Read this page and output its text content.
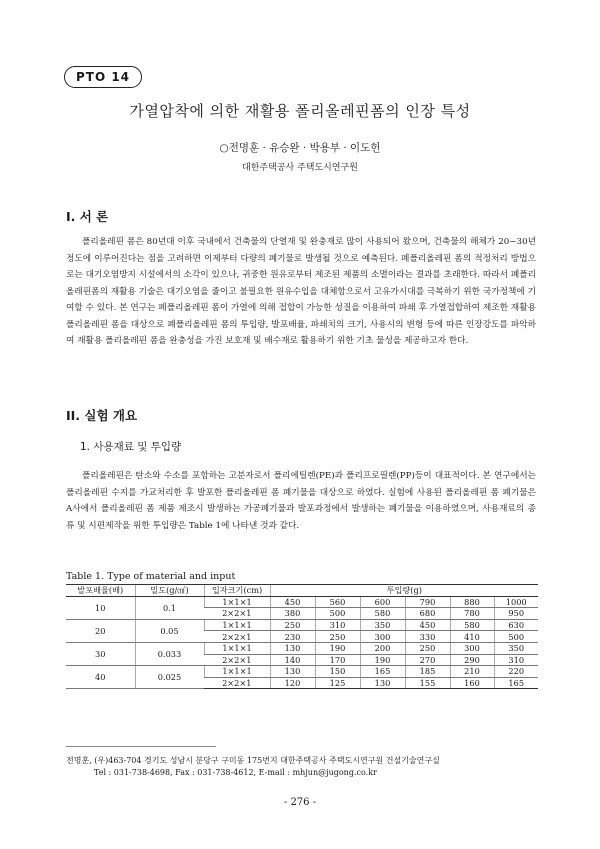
PTO 14
가열압착에 의한 재활용 폴리올레핀폼의 인장 특성
○전명훈 · 유승완 · 박용부 · 이도헌
대한주택공사 주택도시연구원
I. 서 론

폴리올레핀 폼은 80년대 이후 국내에서 건축물의 단열재 및 완충재로 많이 사용되어 왔으며, 건축물의 해체가 20~30년 정도에 이루어진다는 점을 고려하면 이제부터 다량의 폐기물로 발생될 것으로 예측된다. 폐폴리올레핀 폼의 적정처리 방법으로는 대기오염방지 시설에서의 소각이 있으나, 귀중한 원유로부터 제조된 제품의 소멸이라는 결과를 초래한다. 따라서 폐폴리올레핀폼의 재활용 기술은 대기오염을 줄이고 불필요한 원유수입을 대체함으로서 고유가시대를 극복하기 위한 국가정책에 기여할 수 있다. 본 연구는 폐폴리올레핀 폼이 가열에 의해 접합이 가능한 성질을 이용하여 파쇄 후 가열접합하여 제조한 재활용 폴리올레핀 폼을 대상으로 폐폴리올레핀 폼의 투입량, 발포배율, 파쇄치의 크기, 사용시의 변형 등에 따른 인장강도를 파악하여 재활용 폴리올레핀 폼을 완충성을 가진 보호재 및 배수재로 활용하기 위한 기초 물성을 제공하고자 한다.

II. 실험 개요
1. 사용재료 및 투입량

폴리올레핀은 탄소와 수소를 포함하는 고분자로서 폴리에틸렌(PE)과 폴리프로필렌(PP)등이 대표적이다. 본 연구에서는 폴리올레핀 수지를 가교처리한 후 발포한 폴리올레핀 폼 폐기물을 대상으로 하였다. 실험에 사용된 폴리올레핀 폼 폐기물은 A사에서 폴리올레핀 폼 제품 제조시 발생하는 가공폐기물과 발포과정에서 발생하는 폐기물을 이용하였으며, 사용재료의 종류 및 시편제작을 위한 투입량은 Table 1에 나타낸 것과 같다.

Table 1. Type of material and input
발포배율(배)	밀도(g/㎤)	입자크기(cm)	투입량(g)					
10	0.1	1×1×1	450	560	600	790	880	1000
		2×2×1	380	500	580	680	780	950
20	0.05	1×1×1	250	310	350	450	580	630
		2×2×1	230	250	300	330	410	500
30	0.033	1×1×1	130	190	200	250	300	350
		2×2×1	140	170	190	270	290	310
40	0.025	1×1×1	130	150	165	185	210	220
		2×2×1	120	125	130	155	160	165
전명훈, (우)463-704 경기도 성남시 분당구 구미동 175번지 대한주택공사 주택도시연구원 건설기술연구실
Tel : 031-738-4698, Fax : 031-738-4612, E-mail : mhjun@jugong.co.kr
- 276 -
